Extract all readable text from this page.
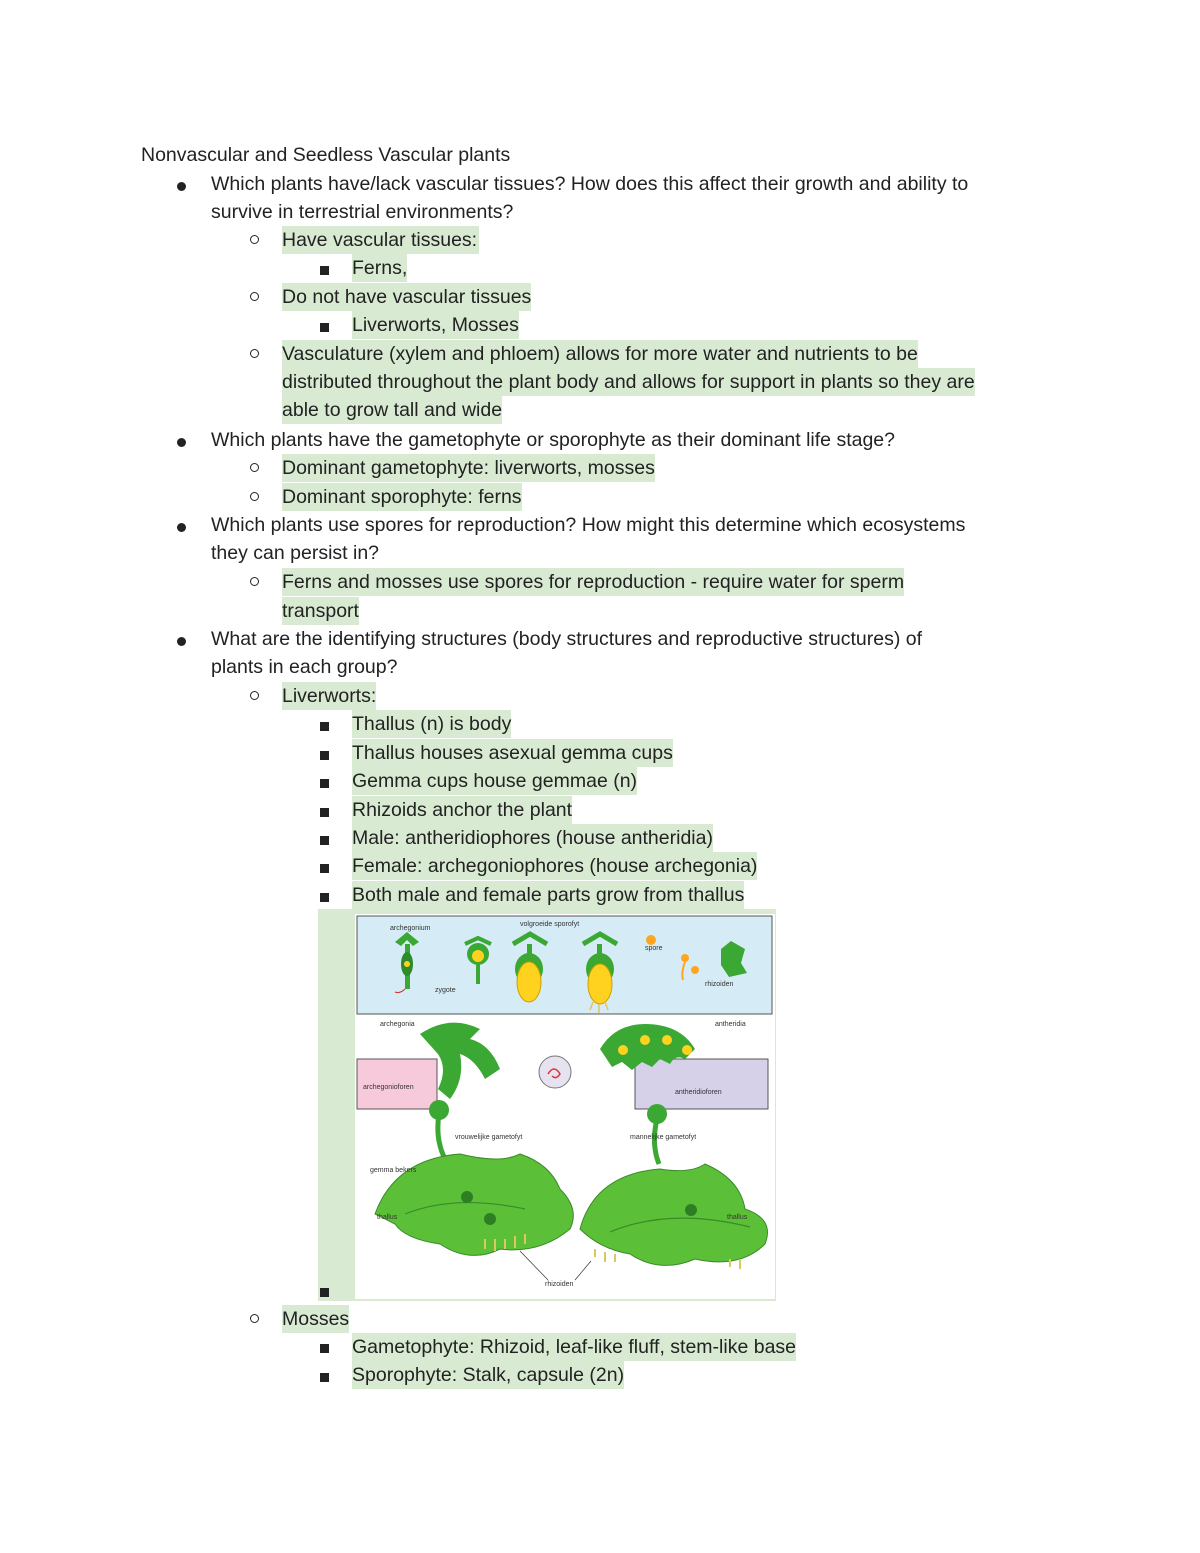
Nonvascular and Seedless Vascular plants
Which plants have/lack vascular tissues? How does this affect their growth and ability to
survive in terrestrial environments?
Have vascular tissues:
Ferns,
Do not have vascular tissues
Liverworts, Mosses
Vasculature (xylem and phloem) allows for more water and nutrients to be
distributed throughout the plant body and allows for support in plants so they are
able to grow tall and wide
Which plants have the gametophyte or sporophyte as their dominant life stage?
Dominant gametophyte: liverworts, mosses
Dominant sporophyte: ferns
Which plants use spores for reproduction? How might this determine which ecosystems
they can persist in?
Ferns and mosses use spores for reproduction - require water for sperm
transport
What are the identifying structures (body structures and reproductive structures) of
plants in each group?
Liverworts:
Thallus (n) is body
Thallus houses asexual gemma cups
Gemma cups house gemmae (n)
Rhizoids anchor the plant
Male: antheridiophores (house antheridia)
Female: archegoniophores (house archegonia)
Both male and female parts grow from thallus
archegonium
volgroeide sporofyt
zygote
spore
rhizoiden
archegonioforen
antheridioforen
archegonia	antheridia
vrouwelijke gametofyt	mannelijke gametofyt
gemma bekers
thallus	thallus
rhizoiden
Mosses
Gametophyte: Rhizoid, leaf-like fluff, stem-like base
Sporophyte: Stalk, capsule (2n)
